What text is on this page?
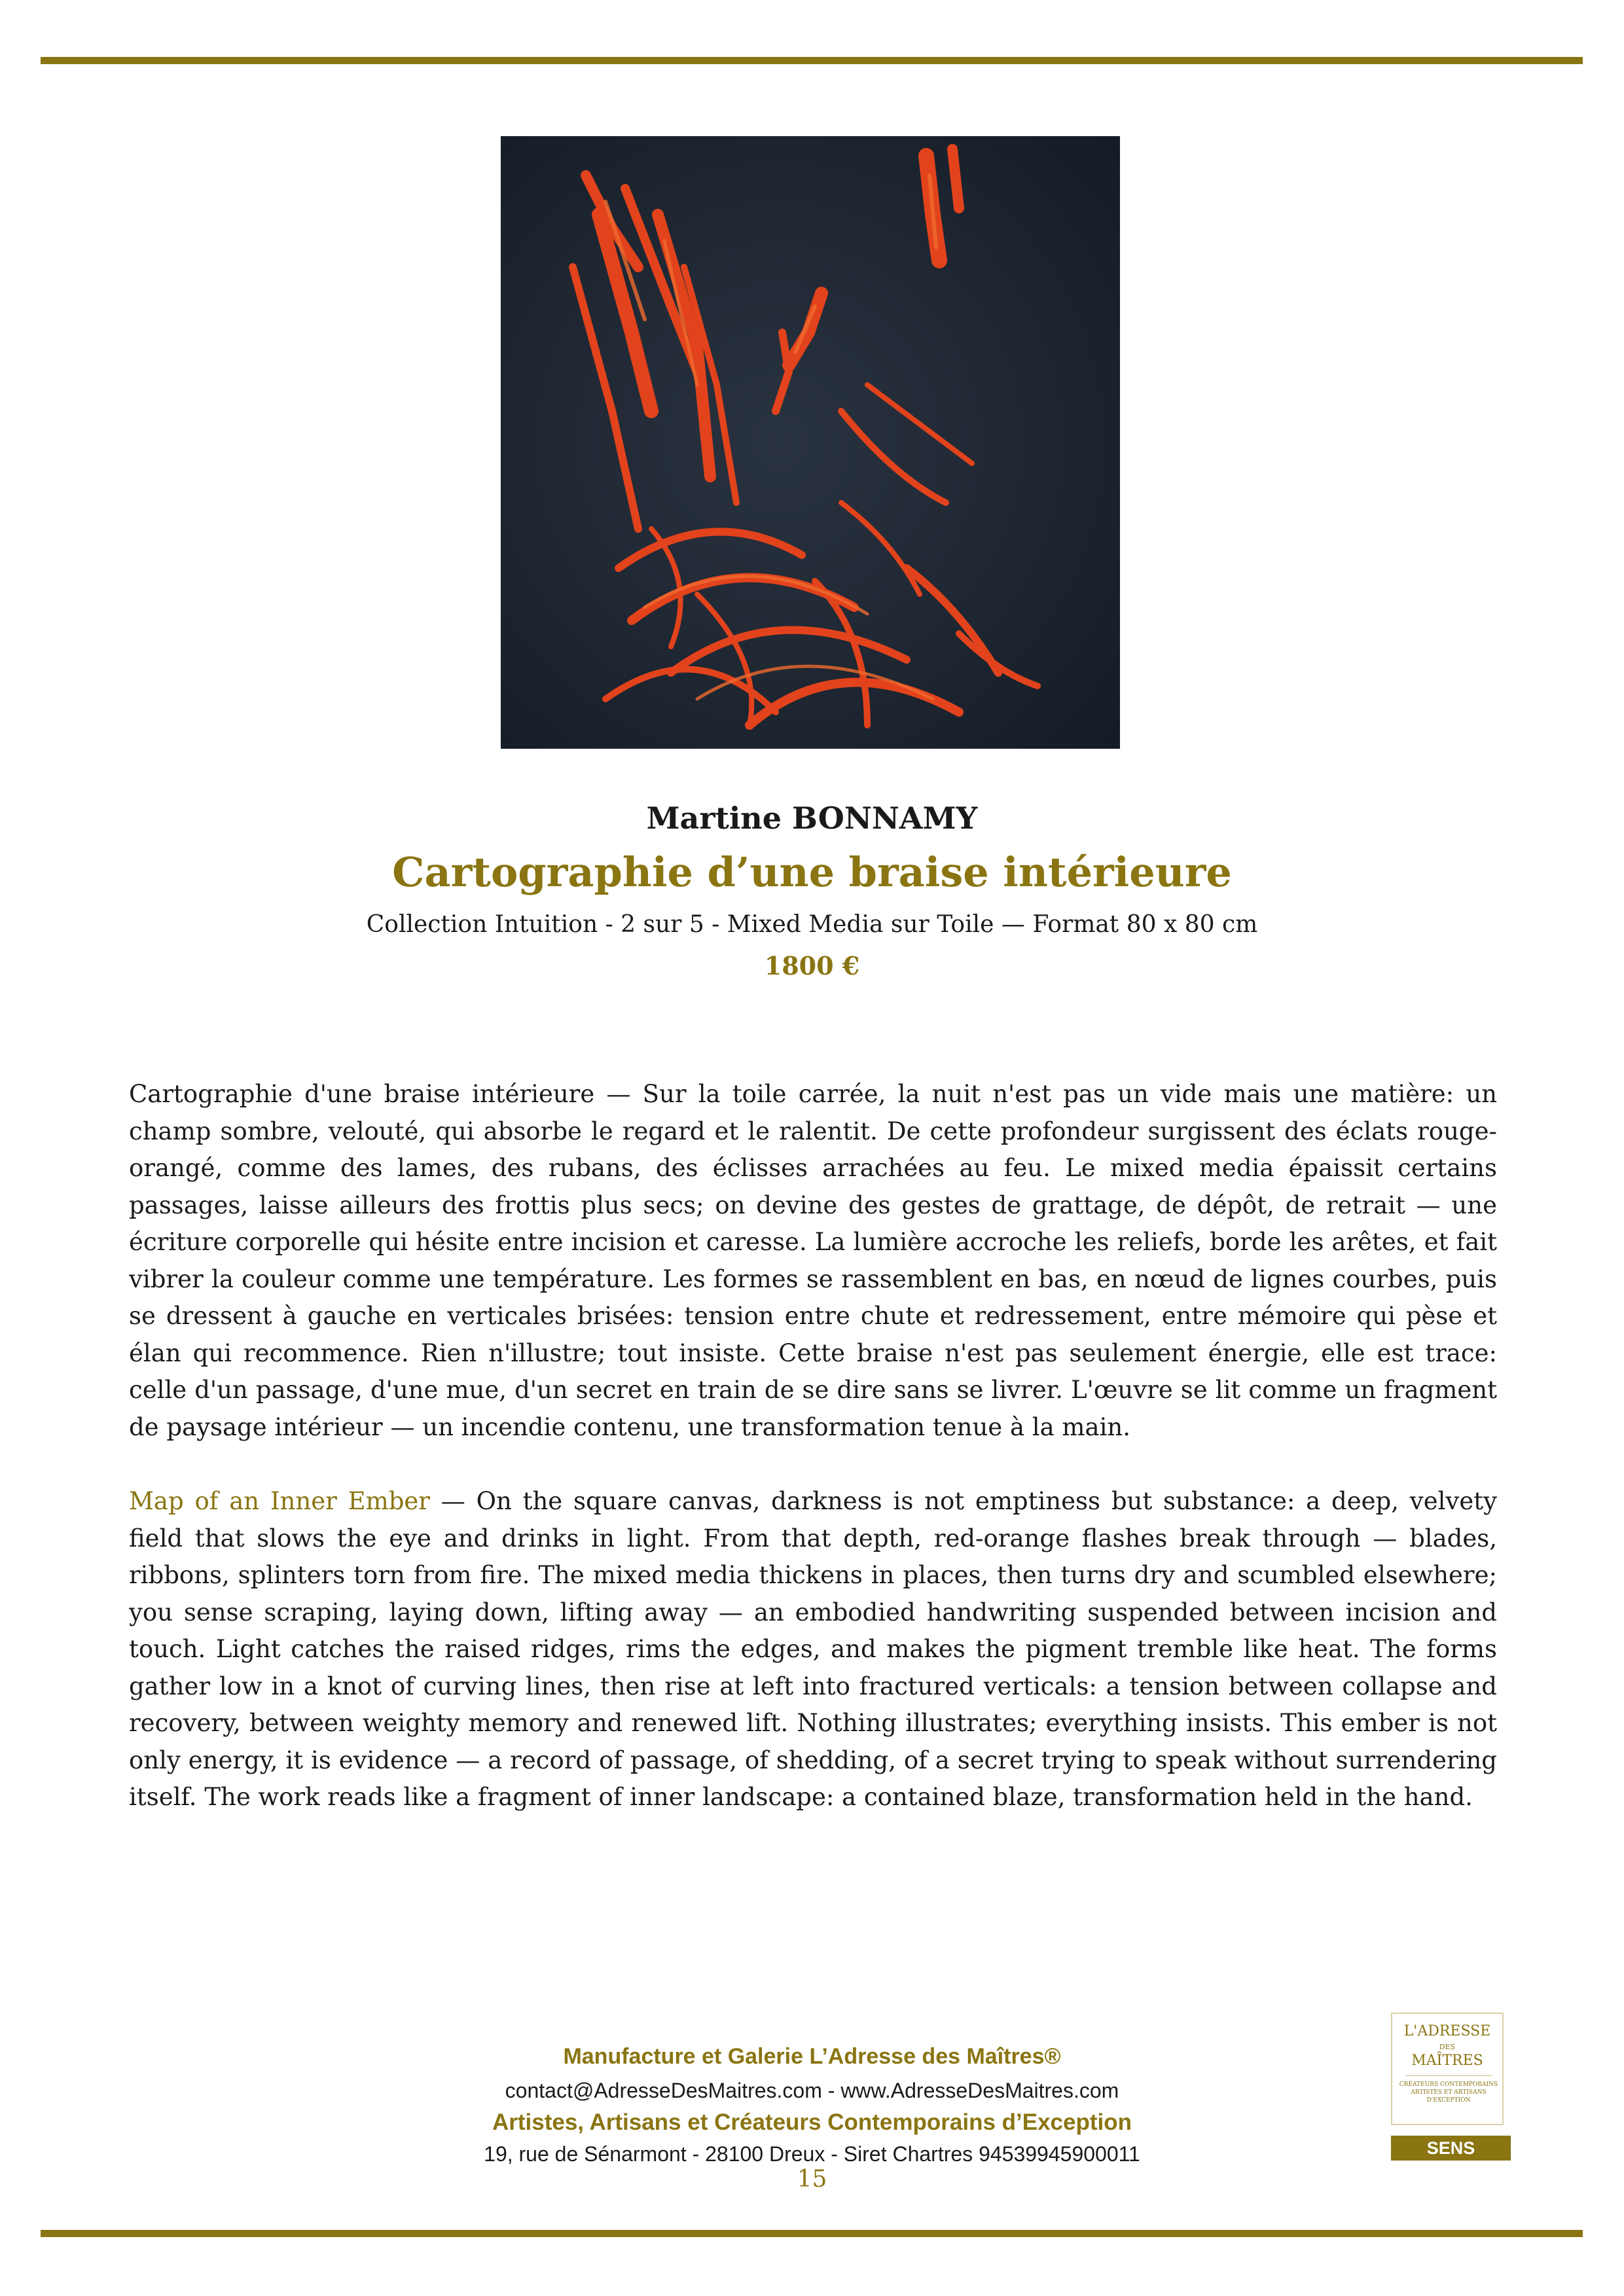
Martine BONNAMY
Cartographie d’une braise intérieure
Collection Intuition - 2 sur 5 - Mixed Media sur Toile — Format 80 x 80 cm
1800 €

Cartographie d'une braise intérieure — Sur la toile carrée, la nuit n'est pas un vide mais une matière: un champ sombre, velouté, qui absorbe le regard et le ralentit. De cette profondeur surgissent des éclats rouge-orangé, comme des lames, des rubans, des éclisses arrachées au feu. Le mixed media épaissit certains passages, laisse ailleurs des frottis plus secs; on devine des gestes de grattage, de dépôt, de retrait — une écriture corporelle qui hésite entre incision et caresse. La lumière accroche les reliefs, borde les arêtes, et fait vibrer la couleur comme une température. Les formes se rassemblent en bas, en nœud de lignes courbes, puis se dressent à gauche en verticales brisées: tension entre chute et redressement, entre mémoire qui pèse et élan qui recommence. Rien n'illustre; tout insiste. Cette braise n'est pas seulement énergie, elle est trace: celle d'un passage, d'une mue, d'un secret en train de se dire sans se livrer. L'œuvre se lit comme un fragment de paysage intérieur — un incendie contenu, une transformation tenue à la main.

Map of an Inner Ember — On the square canvas, darkness is not emptiness but substance: a deep, velvety field that slows the eye and drinks in light. From that depth, red-orange flashes break through — blades, ribbons, splinters torn from fire. The mixed media thickens in places, then turns dry and scumbled elsewhere; you sense scraping, laying down, lifting away — an embodied handwriting suspended between incision and touch. Light catches the raised ridges, rims the edges, and makes the pigment tremble like heat. The forms gather low in a knot of curving lines, then rise at left into fractured verticals: a tension between collapse and recovery, between weighty memory and renewed lift. Nothing illustrates; everything insists. This ember is not only energy, it is evidence — a record of passage, of shedding, of a secret trying to speak without surrendering itself. The work reads like a fragment of inner landscape: a contained blaze, transformation held in the hand.

Manufacture et Galerie L’Adresse des Maîtres®
contact@AdresseDesMaitres.com - www.AdresseDesMaitres.com
Artistes, Artisans et Créateurs Contemporains d’Exception
19, rue de Sénarmont - 28100 Dreux - Siret Chartres 94539945900011
15
L'ADRESSE
DES
MAÎTRES
CRÉATEURS CONTEMPORAINS ARTISTES ET ARTISANS D'EXCEPTION
SENS
